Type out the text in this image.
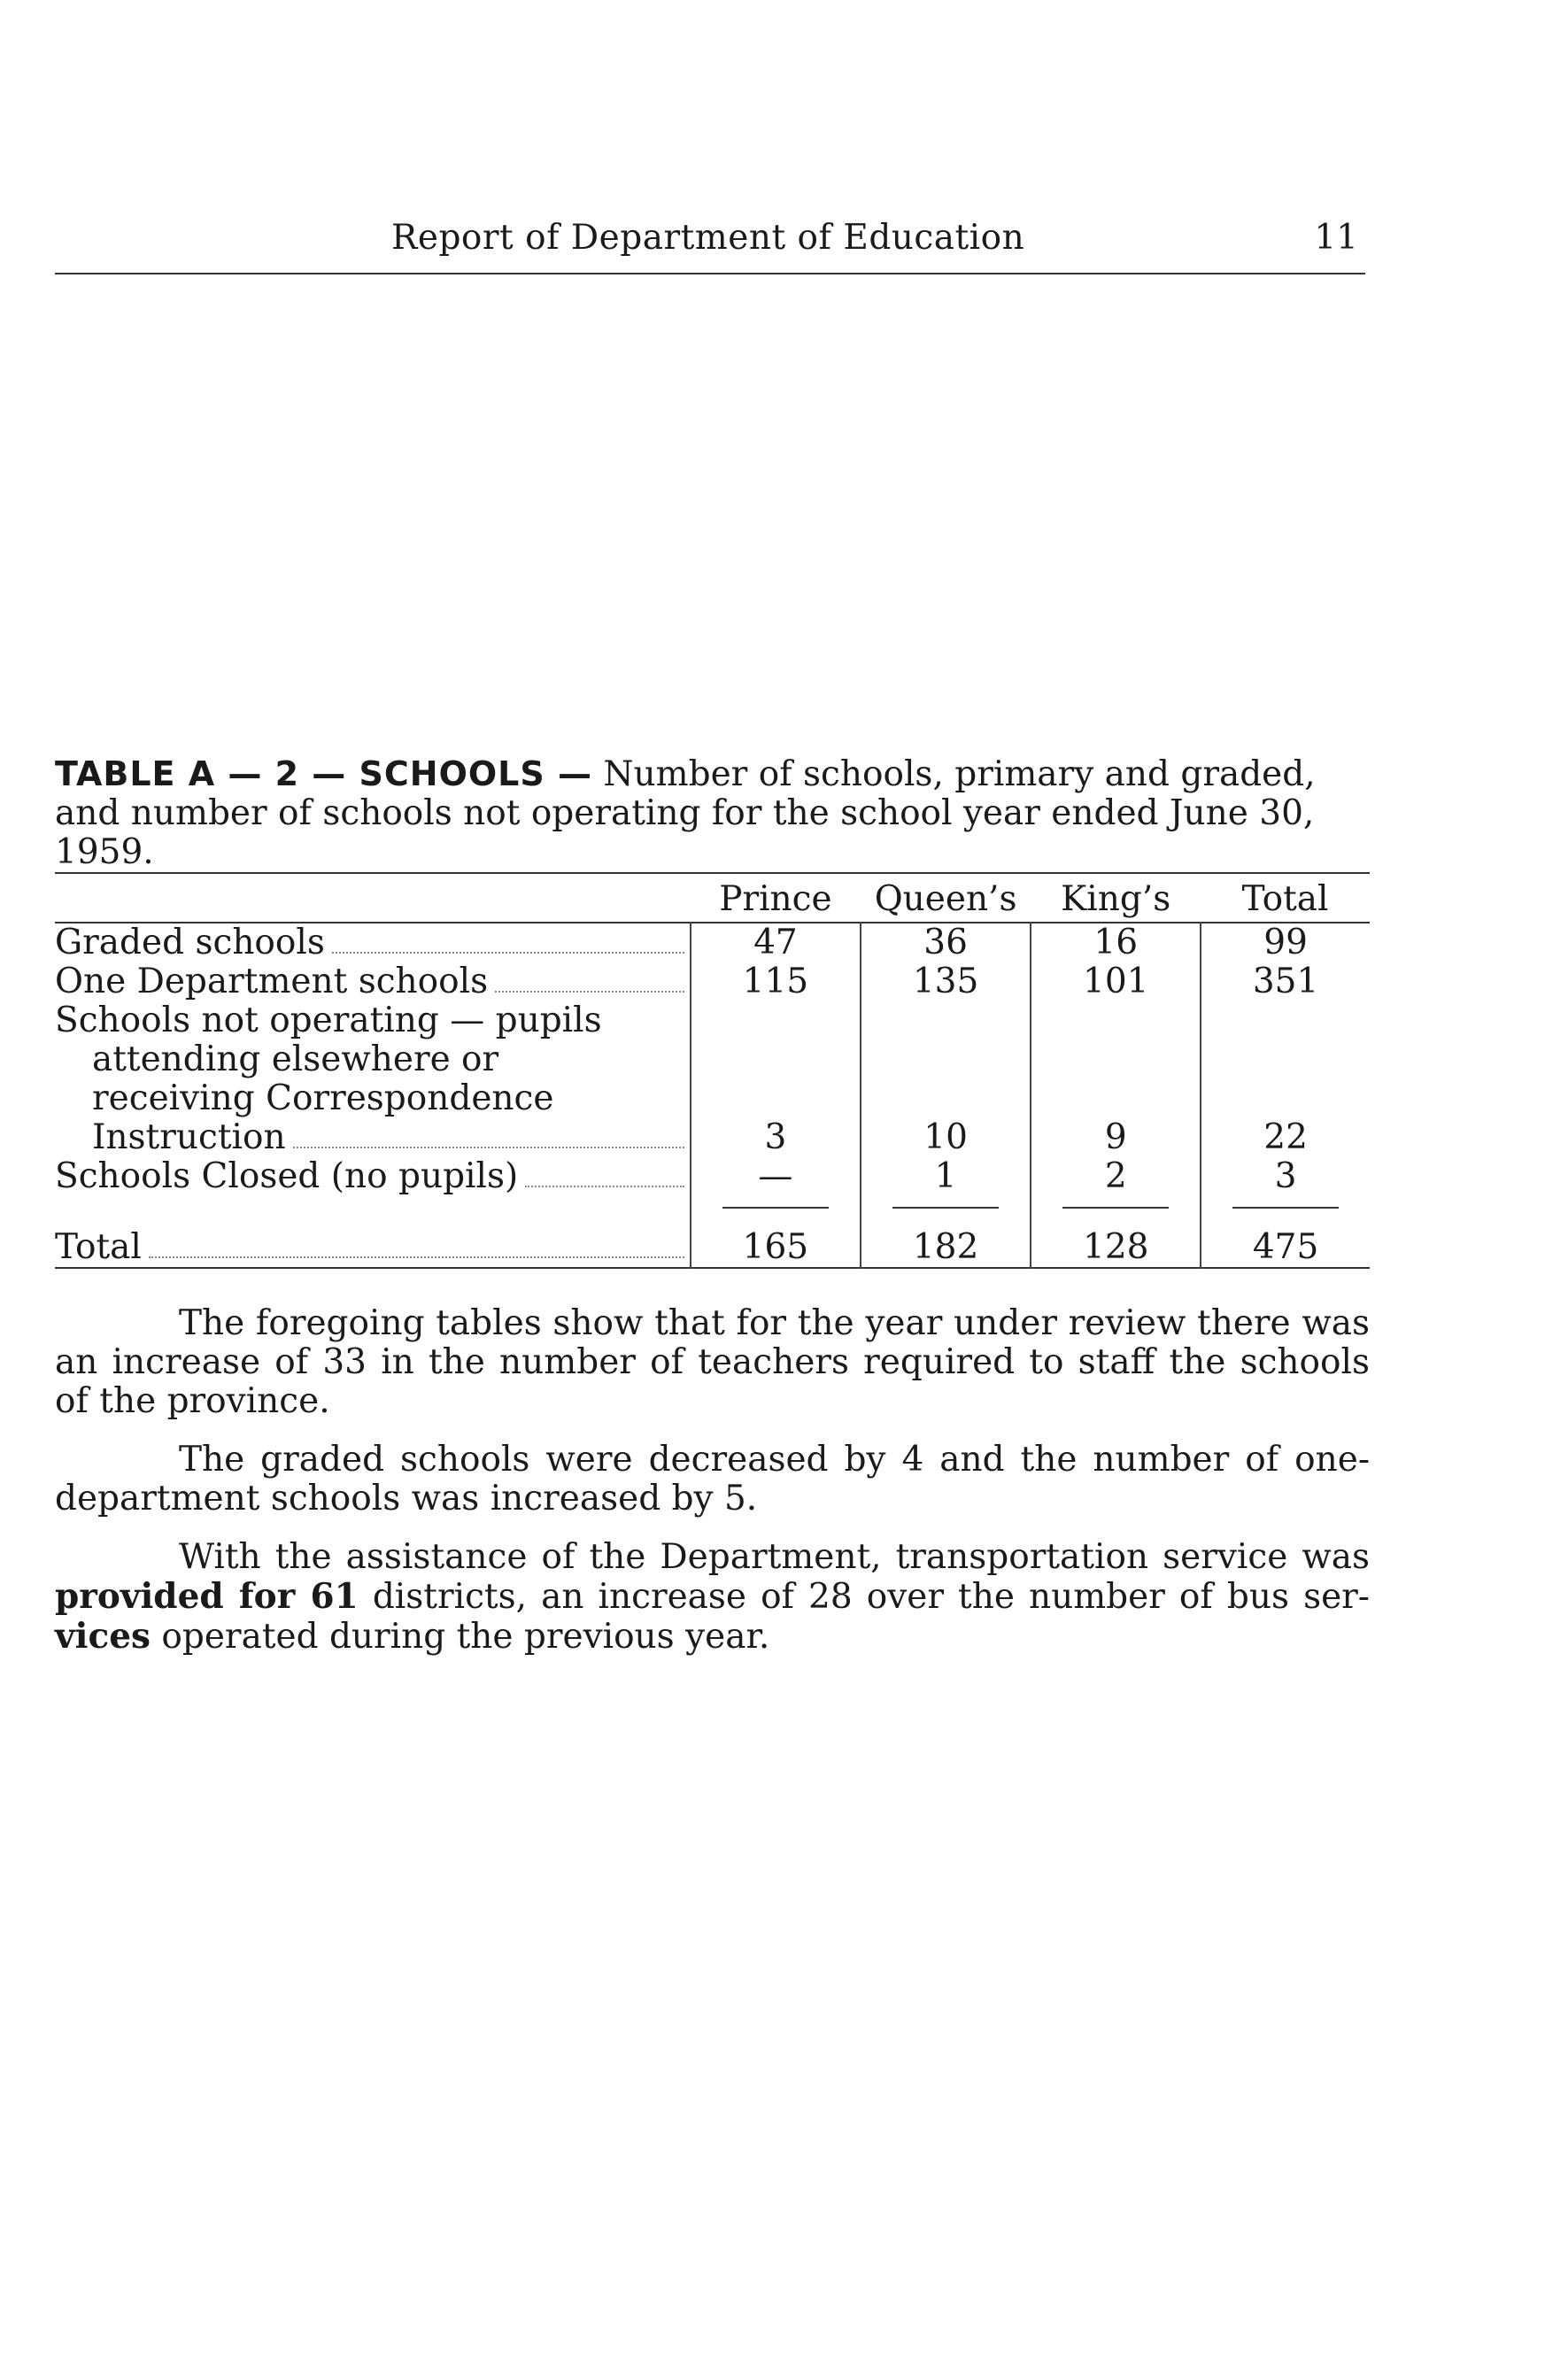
Report of Department of Education	11
TABLE A — 2 — SCHOOLS — Number of schools, primary and graded, and number of schools not operating for the school year ended June 30, 1959.
	Prince	Queen’s	King’s	Total

Graded schools	47	36	16	99

One Department schools	115	135	101	351

Schools not operating — pupils
attending elsewhere or
receiving Correspondence
Instruction	3	10	9	22

Schools Closed (no pupils)	—	1	2	3

Total	165	182	128	475

The foregoing tables show that for the year under review there was an increase of 33 in the number of teachers required to staff the schools of the province.

The graded schools were decreased by 4 and the number of one-department schools was increased by 5.

With the assistance of the Department, transportation service was provided for 61 districts, an increase of 28 over the number of bus ser- vices operated during the previous year.
